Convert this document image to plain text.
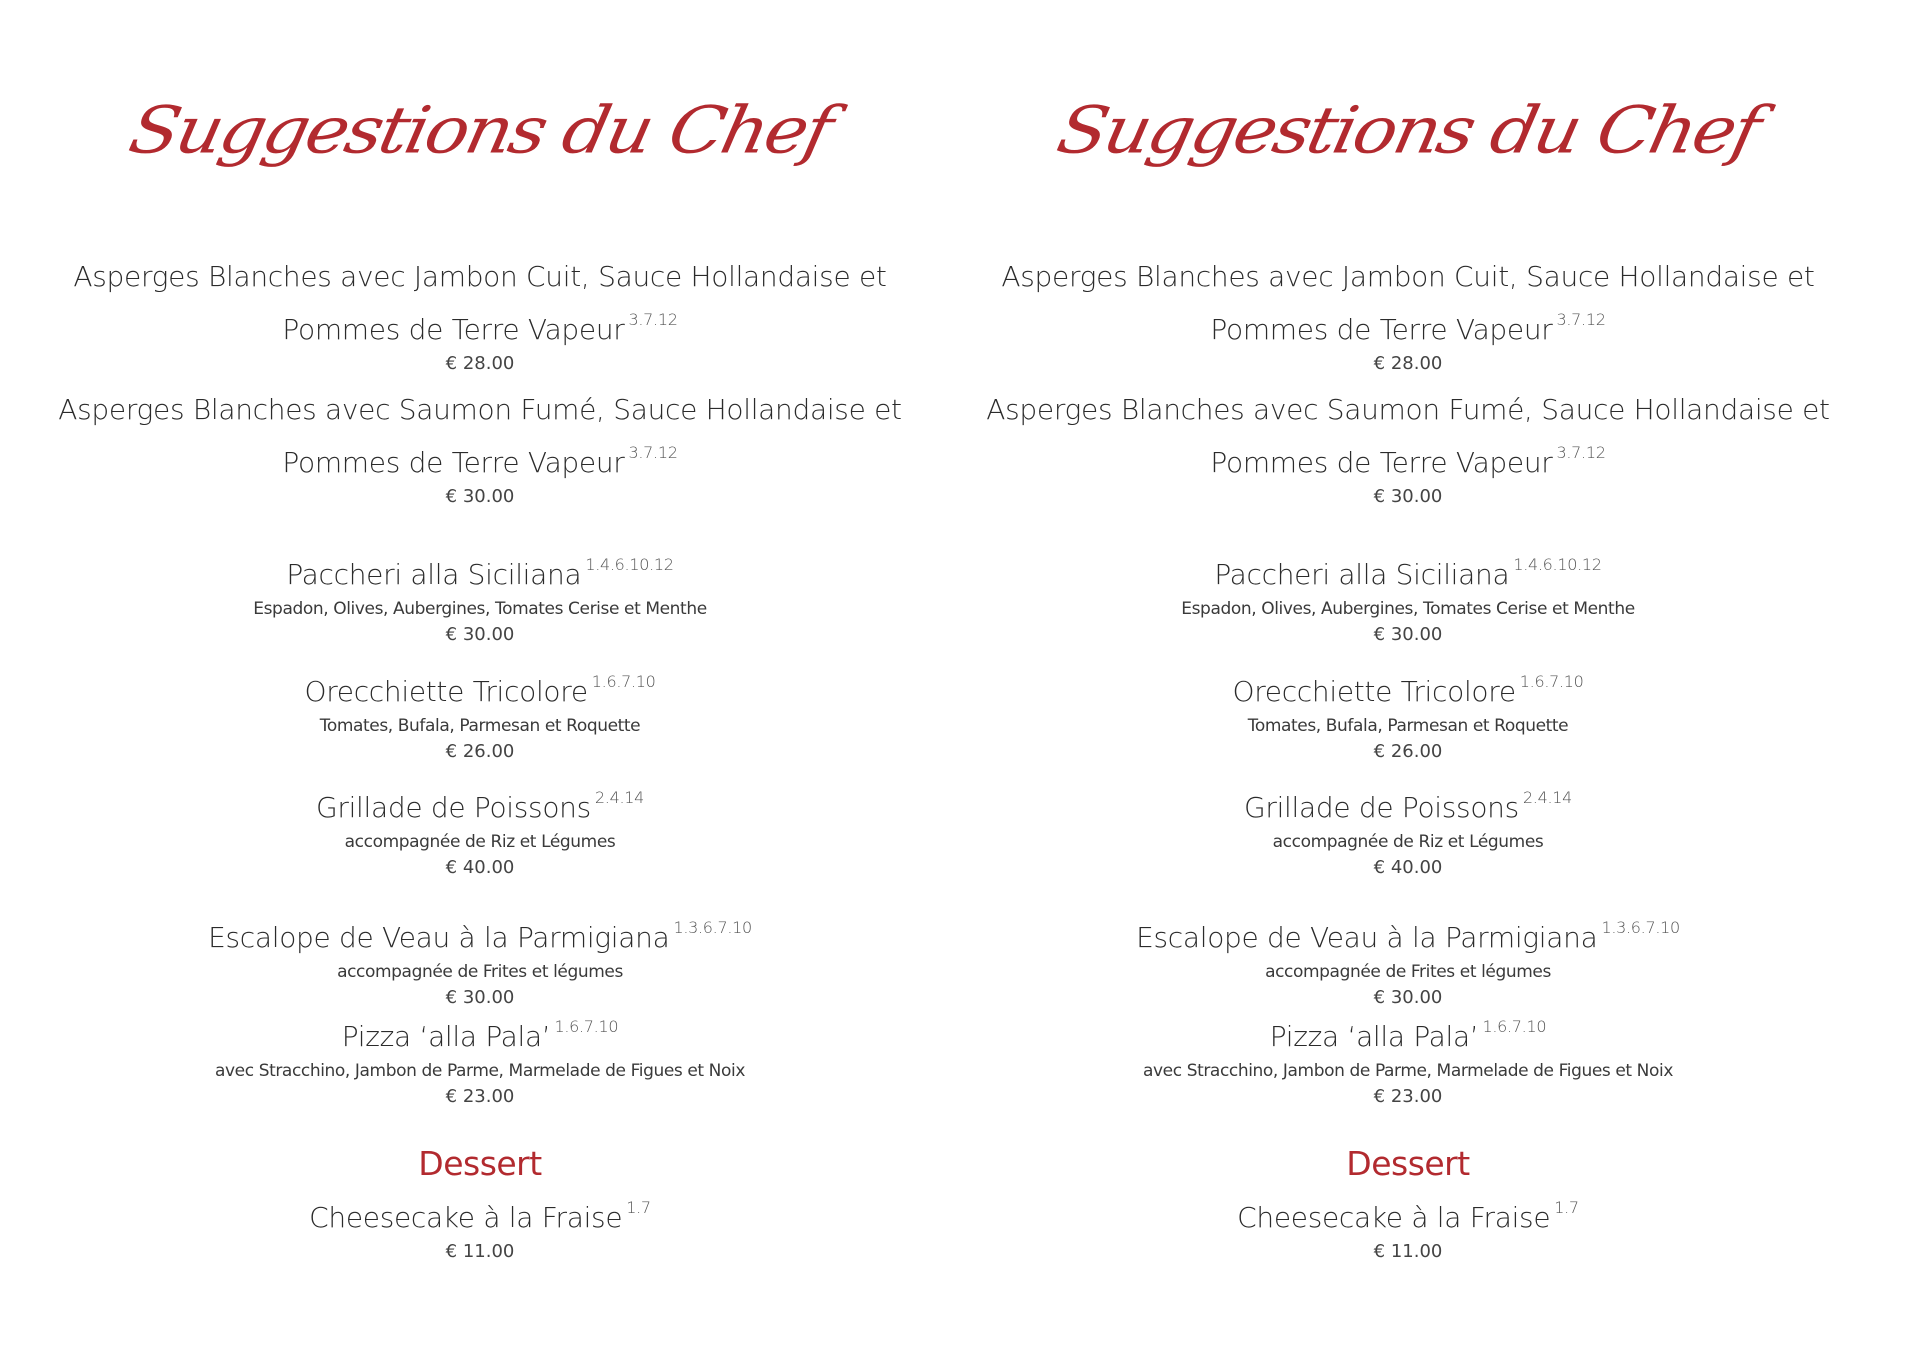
Suggestions du Chef
Asperges Blanches avec Jambon Cuit, Sauce Hollandaise et
Pommes de Terre Vapeur $^{3.7.12}$
€ 28.00
Asperges Blanches avec Saumon Fumé, Sauce Hollandaise et
Pommes de Terre Vapeur $^{3.7.12}$
€ 30.00
Paccheri alla Siciliana $^{1.4.6.10.12}$
Espadon, Olives, Aubergines, Tomates Cerise et Menthe
€ 30.00
Orecchiette Tricolore $^{1.6.7.10}$
Tomates, Bufala, Parmesan et Roquette
€ 26.00
Grillade de Poissons $^{2.4.14}$
accompagnée de Riz et Légumes
€ 40.00
Escalope de Veau à la Parmigiana $^{1.3.6.7.10}$
accompagnée de Frites et légumes
€ 30.00
Pizza ‘alla Pala’ $^{1.6.7.10}$
avec Stracchino, Jambon de Parme, Marmelade de Figues et Noix
€ 23.00
Dessert
Cheesecake à la Fraise $^{1.7}$
€ 11.00
Suggestions du Chef
Asperges Blanches avec Jambon Cuit, Sauce Hollandaise et
Pommes de Terre Vapeur $^{3.7.12}$
€ 28.00
Asperges Blanches avec Saumon Fumé, Sauce Hollandaise et
Pommes de Terre Vapeur $^{3.7.12}$
€ 30.00
Paccheri alla Siciliana $^{1.4.6.10.12}$
Espadon, Olives, Aubergines, Tomates Cerise et Menthe
€ 30.00
Orecchiette Tricolore $^{1.6.7.10}$
Tomates, Bufala, Parmesan et Roquette
€ 26.00
Grillade de Poissons $^{2.4.14}$
accompagnée de Riz et Légumes
€ 40.00
Escalope de Veau à la Parmigiana $^{1.3.6.7.10}$
accompagnée de Frites et légumes
€ 30.00
Pizza ‘alla Pala’ $^{1.6.7.10}$
avec Stracchino, Jambon de Parme, Marmelade de Figues et Noix
€ 23.00
Dessert
Cheesecake à la Fraise $^{1.7}$
€ 11.00
